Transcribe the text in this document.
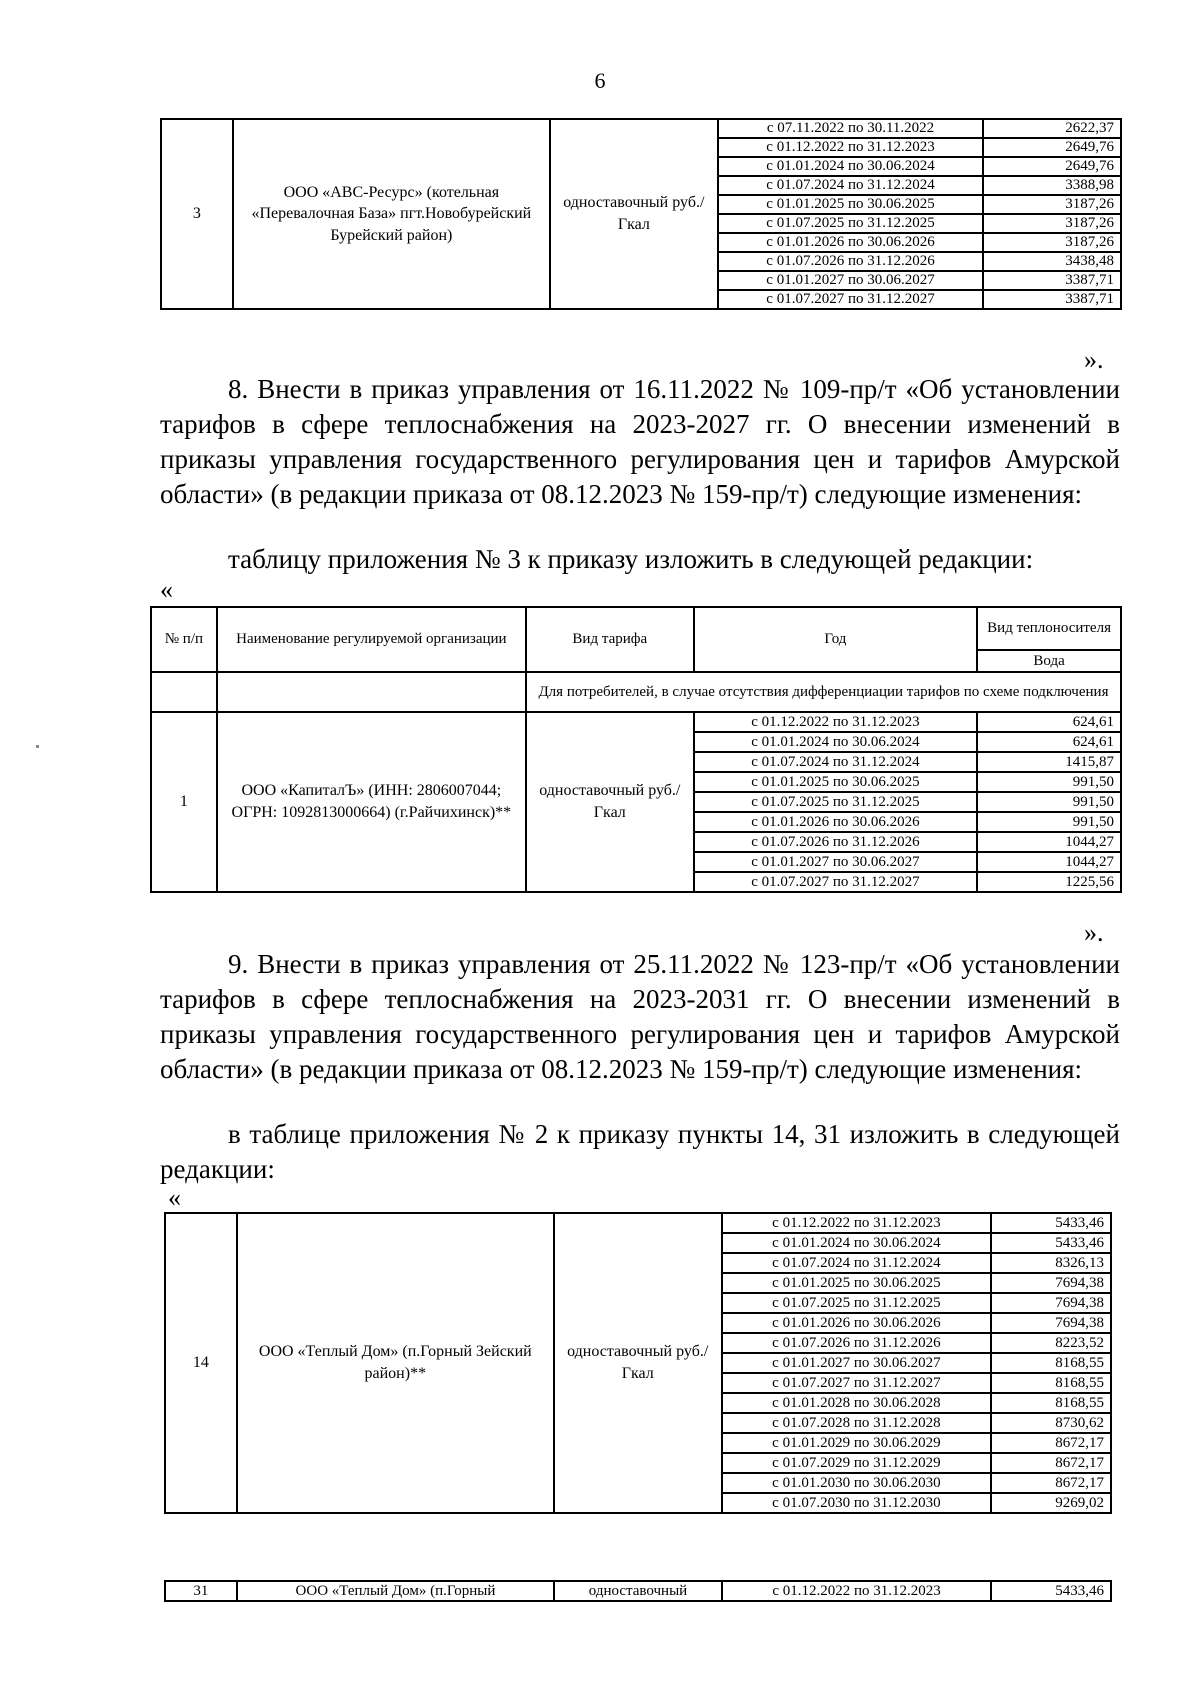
6
3	ООО «АВС-Ресурс» (котельная «Перевалочная База» пгт.Новобурейский Бурейский район)	одноставочный руб./Гкал	с 07.11.2022 по 30.11.2022	2622,37
			с 01.12.2022 по 31.12.2023	2649,76
			с 01.01.2024 по 30.06.2024	2649,76
			с 01.07.2024 по 31.12.2024	3388,98
			с 01.01.2025 по 30.06.2025	3187,26
			с 01.07.2025 по 31.12.2025	3187,26
			с 01.01.2026 по 30.06.2026	3187,26
			с 01.07.2026 по 31.12.2026	3438,48
			с 01.01.2027 по 30.06.2027	3387,71
			с 01.07.2027 по 31.12.2027	3387,71
».
8. Внести в приказ управления от 16.11.2022 № 109-пр/т «Об установлении тарифов в сфере теплоснабжения на 2023-2027 гг. О внесении изменений в приказы управления государственного регулирования цен и тарифов Амурской области» (в редакции приказа от 08.12.2023 № 159-пр/т) следующие изменения:
таблицу приложения № 3 к приказу изложить в следующей редакции:
«
№ п/п	Наименование регулируемой организации	Вид тарифа	Год	Вид теплоносителя
				Вода
		Для потребителей, в случае отсутствия дифференциации тарифов по схеме подключения		
1	ООО «КапиталЪ» (ИНН: 2806007044; ОГРН: 1092813000664) (г.Райчихинск)**	одноставочный руб./Гкал	с 01.12.2022 по 31.12.2023	624,61
			с 01.01.2024 по 30.06.2024	624,61
			с 01.07.2024 по 31.12.2024	1415,87
			с 01.01.2025 по 30.06.2025	991,50
			с 01.07.2025 по 31.12.2025	991,50
			с 01.01.2026 по 30.06.2026	991,50
			с 01.07.2026 по 31.12.2026	1044,27
			с 01.01.2027 по 30.06.2027	1044,27
			с 01.07.2027 по 31.12.2027	1225,56
».
9. Внести в приказ управления от 25.11.2022 № 123-пр/т «Об установлении тарифов в сфере теплоснабжения на 2023-2031 гг. О внесении изменений в приказы управления государственного регулирования цен и тарифов Амурской области» (в редакции приказа от 08.12.2023 № 159-пр/т) следующие изменения:
в таблице приложения № 2 к приказу пункты 14, 31 изложить в следующей редакции:
«
14	ООО «Теплый Дом» (п.Горный Зейский район)**	одноставочный руб./Гкал	с 01.12.2022 по 31.12.2023	5433,46
			с 01.01.2024 по 30.06.2024	5433,46
			с 01.07.2024 по 31.12.2024	8326,13
			с 01.01.2025 по 30.06.2025	7694,38
			с 01.07.2025 по 31.12.2025	7694,38
			с 01.01.2026 по 30.06.2026	7694,38
			с 01.07.2026 по 31.12.2026	8223,52
			с 01.01.2027 по 30.06.2027	8168,55
			с 01.07.2027 по 31.12.2027	8168,55
			с 01.01.2028 по 30.06.2028	8168,55
			с 01.07.2028 по 31.12.2028	8730,62
			с 01.01.2029 по 30.06.2029	8672,17
			с 01.07.2029 по 31.12.2029	8672,17
			с 01.01.2030 по 30.06.2030	8672,17
			с 01.07.2030 по 31.12.2030	9269,02
31	ООО «Теплый Дом» (п.Горный	одноставочный	с 01.12.2022 по 31.12.2023	5433,46
